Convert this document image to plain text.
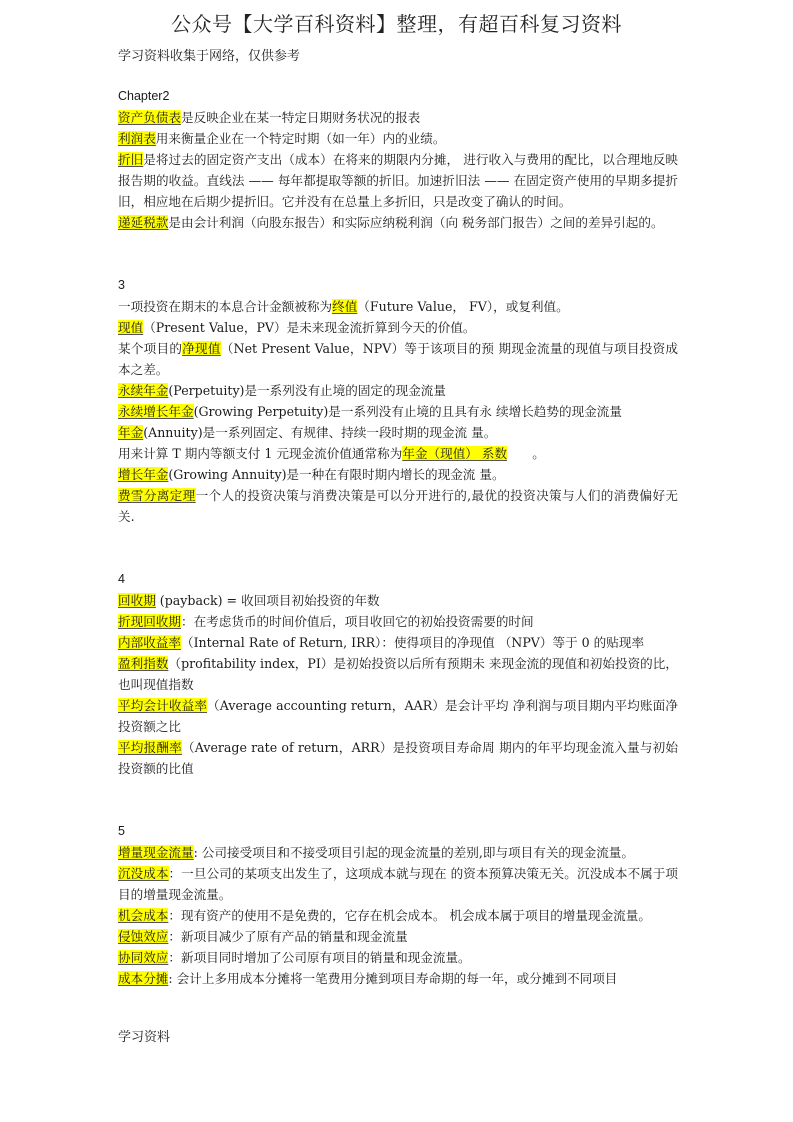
公众号【大学百科资料】整理，有超百科复习资料
学习资料收集于网络，仅供参考

Chapter2

资产负债表是反映企业在某一特定日期财务状况的报表

利润表用来衡量企业在一个特定时期（如一年）内的业绩。

折旧是将过去的固定资产支出（成本）在将来的期限内分摊， 进行收入与费用的配比，以合理地反映报告期的收益。直线法 —— 每年都提取等额的折旧。加速折旧法 —— 在固定资产使用的早期多提折旧，相应地在后期少提折旧。它并没有在总量上多折旧，只是改变了确认的时间。

递延税款是由会计利润（向股东报告）和实际应纳税利润（向 税务部门报告）之间的差异引起的。

3

一项投资在期末的本息合计金额被称为终值（Future Value， FV），或复利值。

现值（Present Value，PV）是未来现金流折算到今天的价值。

某个项目的净现值（Net Present Value，NPV）等于该项目的预 期现金流量的现值与项目投资成本之差。

永续年金(Perpetuity)是一系列没有止境的固定的现金流量

永续增长年金(Growing Perpetuity)是一系列没有止境的且具有永 续增长趋势的现金流量

年金(Annuity)是一系列固定、有规律、持续一段时期的现金流 量。

用来计算 T 期内等额支付 1 元现金流价值通常称为年金（现值） 系数　　。

增长年金(Growing Annuity)是一种在有限时期内增长的现金流 量。

费雪分离定理一个人的投资决策与消费决策是可以分开进行的,最优的投资决策与人们的消费偏好无关.

4

回收期 (payback) = 收回项目初始投资的年数

折现回收期：在考虑货币的时间价值后，项目收回它的初始投资需要的时间

内部收益率（Internal Rate of Return, IRR）：使得项目的净现值 （NPV）等于 0 的贴现率

盈利指数（profitability index，PI）是初始投资以后所有预期未 来现金流的现值和初始投资的比，也叫现值指数

平均会计收益率（Average accounting return，AAR）是会计平均 净利润与项目期内平均账面净投资额之比

平均报酬率（Average rate of return，ARR）是投资项目寿命周 期内的年平均现金流入量与初始投资额的比值

5

增量现金流量: 公司接受项目和不接受项目引起的现金流量的差别,即与项目有关的现金流量。

沉没成本：一旦公司的某项支出发生了，这项成本就与现在 的资本预算决策无关。沉没成本不属于项目的增量现金流量。

机会成本：现有资产的使用不是免费的，它存在机会成本。 机会成本属于项目的增量现金流量。

侵蚀效应：新项目减少了原有产品的销量和现金流量

协同效应：新项目同时增加了公司原有项目的销量和现金流量。

成本分摊: 会计上多用成本分摊将一笔费用分摊到项目寿命期的每一年，或分摊到不同项目

学习资料
